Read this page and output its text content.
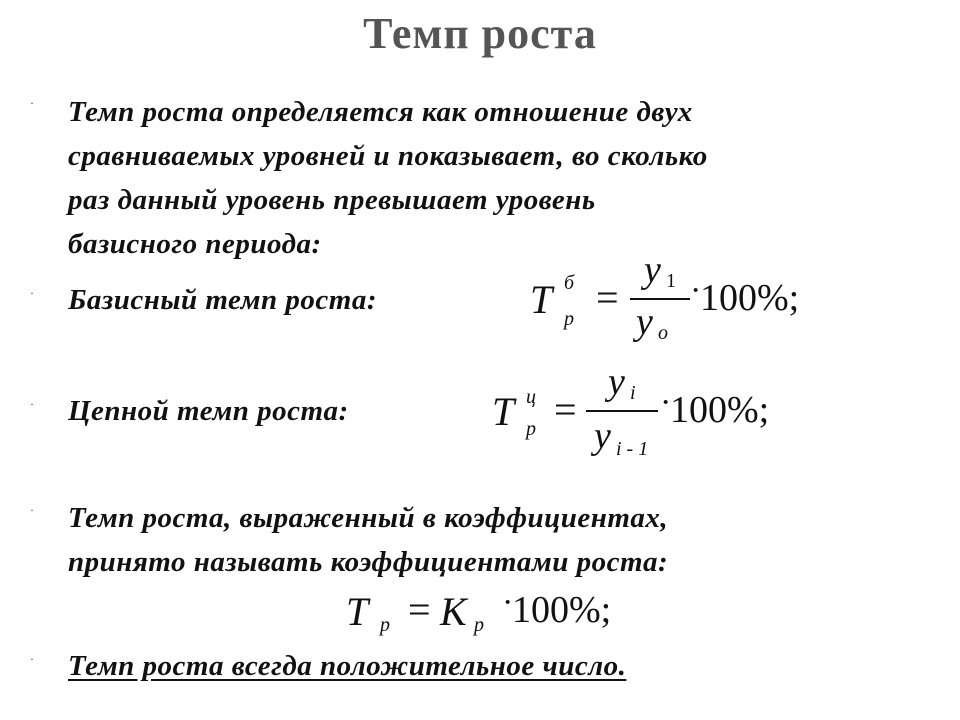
Темп роста
· Темп роста определяется как отношение двух
сравниваемых уровней и показывает, во сколько
раз данный уровень превышает уровень
базисного периода:
· Базисный темп роста:	T б
р =
y 1
y o
·
100%;
· Цепной темп роста:	T ц
р =
y i
y i - 1
·
100%;
· Темп роста, выраженный в коэффициентах,
принято называть коэффициентами роста:
T р = K р
·
100%;
· Темп роста всегда положительное число.
